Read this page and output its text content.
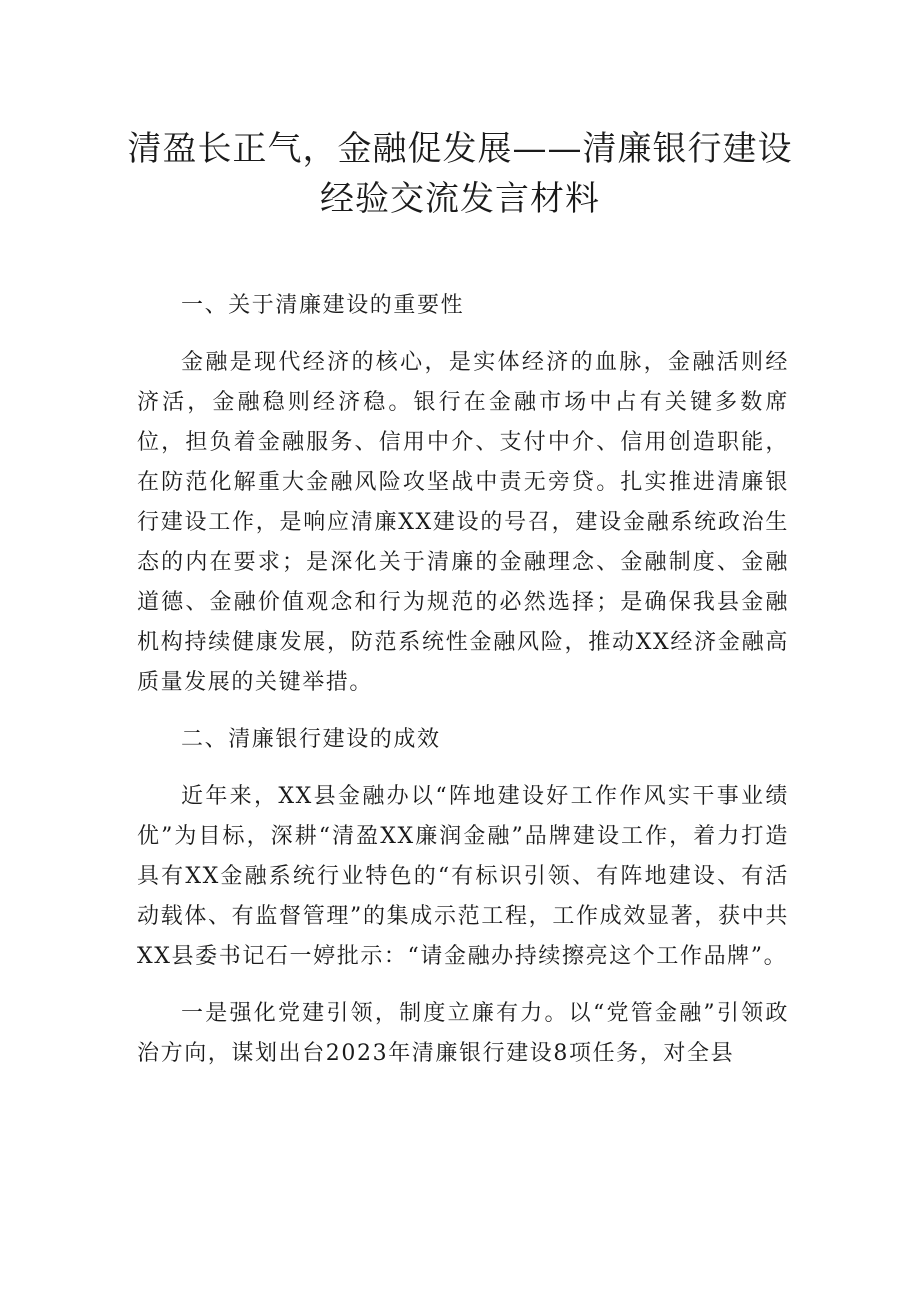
清盈长正气，金融促发展——清廉银行建设
经验交流发言材料

一、关于清廉建设的重要性

金融是现代经济的核心，是实体经济的血脉，金融活则经济活，金融稳则经济稳。银行在金融市场中占有关键多数席位，担负着金融服务、信用中介、支付中介、信用创造职能，在防范化解重大金融风险攻坚战中责无旁贷。扎实推进清廉银行建设工作，是响应清廉XX建设的号召，建设金融系统政治生态的内在要求；是深化关于清廉的金融理念、金融制度、金融道德、金融价值观念和行为规范的必然选择；是确保我县金融机构持续健康发展，防范系统性金融风险，推动XX经济金融高质量发展的关键举措。

二、清廉银行建设的成效

近年来，XX县金融办以“阵地建设好工作作风实干事业绩优”为目标，深耕“清盈XX廉润金融”品牌建设工作，着力打造具有XX金融系统行业特色的“有标识引领、有阵地建设、有活动载体、有监督管理”的集成示范工程，工作成效显著，获中共XX县委书记石一婷批示：“请金融办持续擦亮这个工作品牌”。

一是强化党建引领，制度立廉有力。以“党管金融”引领政治方向，谋划出台2023年清廉银行建设8项任务，对全县
